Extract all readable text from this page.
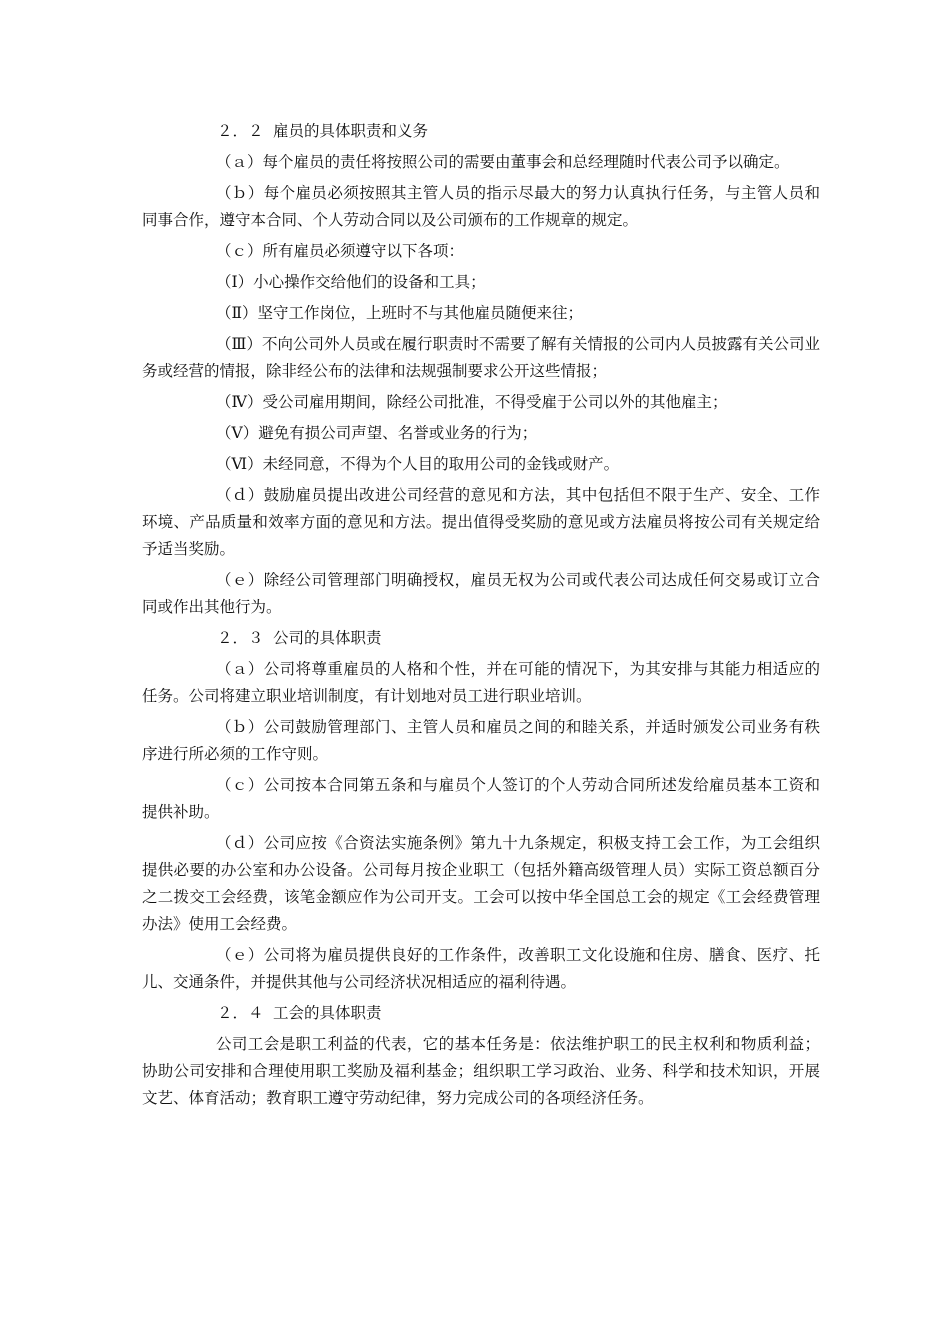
２．２ 雇员的具体职责和义务

（ａ）每个雇员的责任将按照公司的需要由董事会和总经理随时代表公司予以确定。

（ｂ）每个雇员必须按照其主管人员的指示尽最大的努力认真执行任务，与主管人员和同事合作，遵守本合同、个人劳动合同以及公司颁布的工作规章的规定。

（ｃ）所有雇员必须遵守以下各项：

（Ⅰ）小心操作交给他们的设备和工具；

（Ⅱ）坚守工作岗位，上班时不与其他雇员随便来往；

（Ⅲ）不向公司外人员或在履行职责时不需要了解有关情报的公司内人员披露有关公司业务或经营的情报，除非经公布的法律和法规强制要求公开这些情报；

（Ⅳ）受公司雇用期间，除经公司批准，不得受雇于公司以外的其他雇主；

（Ⅴ）避免有损公司声望、名誉或业务的行为；

（Ⅵ）未经同意，不得为个人目的取用公司的金钱或财产。

（ｄ）鼓励雇员提出改进公司经营的意见和方法，其中包括但不限于生产、安全、工作环境、产品质量和效率方面的意见和方法。提出值得受奖励的意见或方法雇员将按公司有关规定给予适当奖励。

（ｅ）除经公司管理部门明确授权，雇员无权为公司或代表公司达成任何交易或订立合同或作出其他行为。

２．３ 公司的具体职责

（ａ）公司将尊重雇员的人格和个性，并在可能的情况下，为其安排与其能力相适应的任务。公司将建立职业培训制度，有计划地对员工进行职业培训。

（ｂ）公司鼓励管理部门、主管人员和雇员之间的和睦关系，并适时颁发公司业务有秩序进行所必须的工作守则。

（ｃ）公司按本合同第五条和与雇员个人签订的个人劳动合同所述发给雇员基本工资和提供补助。

（ｄ）公司应按《合资法实施条例》第九十九条规定，积极支持工会工作，为工会组织提供必要的办公室和办公设备。公司每月按企业职工（包括外籍高级管理人员）实际工资总额百分之二拨交工会经费，该笔金额应作为公司开支。工会可以按中华全国总工会的规定《工会经费管理办法》使用工会经费。

（ｅ）公司将为雇员提供良好的工作条件，改善职工文化设施和住房、膳食、医疗、托儿、交通条件，并提供其他与公司经济状况相适应的福利待遇。

２．４ 工会的具体职责

公司工会是职工利益的代表，它的基本任务是：依法维护职工的民主权利和物质利益；协助公司安排和合理使用职工奖励及福利基金；组织职工学习政治、业务、科学和技术知识，开展文艺、体育活动；教育职工遵守劳动纪律，努力完成公司的各项经济任务。
